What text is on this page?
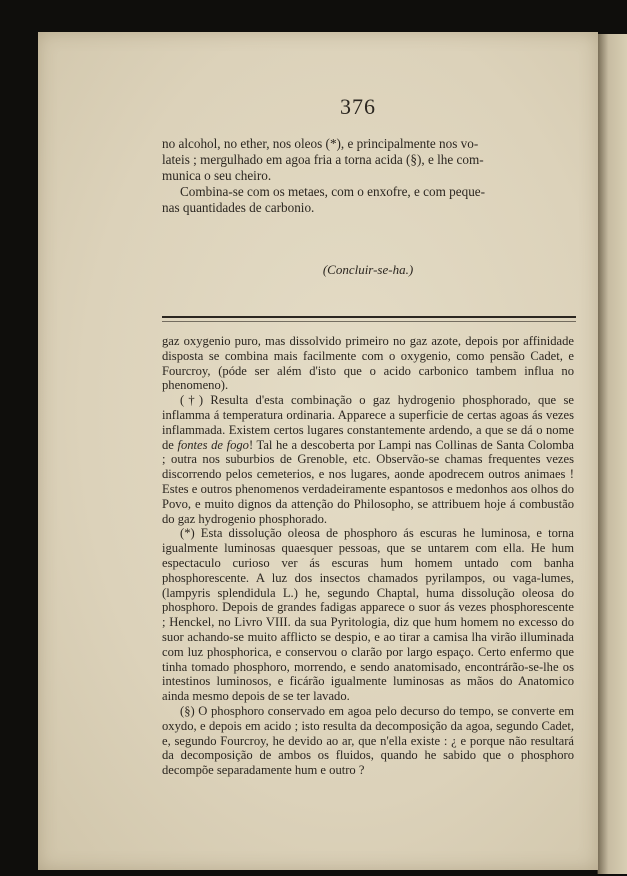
376

no alcohol, no ether, nos oleos (*), e principalmente nos vo-
lateis ; mergulhado em agoa fria a torna acida (§), e lhe com-
munica o seu cheiro.

Combina-se com os metaes, com o enxofre, e com peque-
nas quantidades de carbonio.

(Concluir-se-ha.)

gaz oxygenio puro, mas dissolvido primeiro no gaz azote, depois por affinidade disposta se combina mais facilmente com o oxygenio, como pensão Cadet, e Fourcroy, (póde ser além d'isto que o acido carbonico tambem influa no phenomeno).

(†) Resulta d'esta combinação o gaz hydrogenio phosphorado, que se inflamma á temperatura ordinaria. Apparece a superficie de certas agoas ás vezes inflammada. Existem certos lugares constantemente ardendo, a que se dá o nome de fontes de fogo! Tal he a descoberta por Lampi nas Collinas de Santa Colomba ; outra nos suburbios de Grenoble, etc. Observão-se chamas frequentes vezes discorrendo pelos cemeterios, e nos lugares, aonde apodrecem outros animaes ! Estes e outros phenomenos verdadeiramente espantosos e medonhos aos olhos do Povo, e muito dignos da attenção do Philosopho, se attribuem hoje á combustão do gaz hydrogenio phosphorado.

(*) Esta dissolução oleosa de phosphoro ás escuras he luminosa, e torna igualmente luminosas quaesquer pessoas, que se untarem com ella. He hum espectaculo curioso ver ás escuras hum homem untado com banha phosphorescente. A luz dos insectos chamados pyrilampos, ou vaga-lumes, (lampyris splendidula L.) he, segundo Chaptal, huma dissolução oleosa do phosphoro. Depois de grandes fadigas apparece o suor ás vezes phosphorescente ; Henckel, no Livro VIII. da sua Pyritologia, diz que hum homem no excesso do suor achando-se muito afflicto se despio, e ao tirar a camisa lha virão illuminada com luz phosphorica, e conservou o clarão por largo espaço. Certo enfermo que tinha tomado phosphoro, morrendo, e sendo anatomisado, encontrárão-se-lhe os intestinos luminosos, e ficárão igualmente luminosas as mãos do Anatomico ainda mesmo depois de se ter lavado.

(§) O phosphoro conservado em agoa pelo decurso do tempo, se converte em oxydo, e depois em acido ; isto resulta da decomposição da agoa, segundo Cadet, e, segundo Fourcroy, he devido ao ar, que n'ella existe : ¿ e porque não resultará da decomposição de ambos os fluidos, quando he sabido que o phosphoro decompõe separadamente hum e outro ?
